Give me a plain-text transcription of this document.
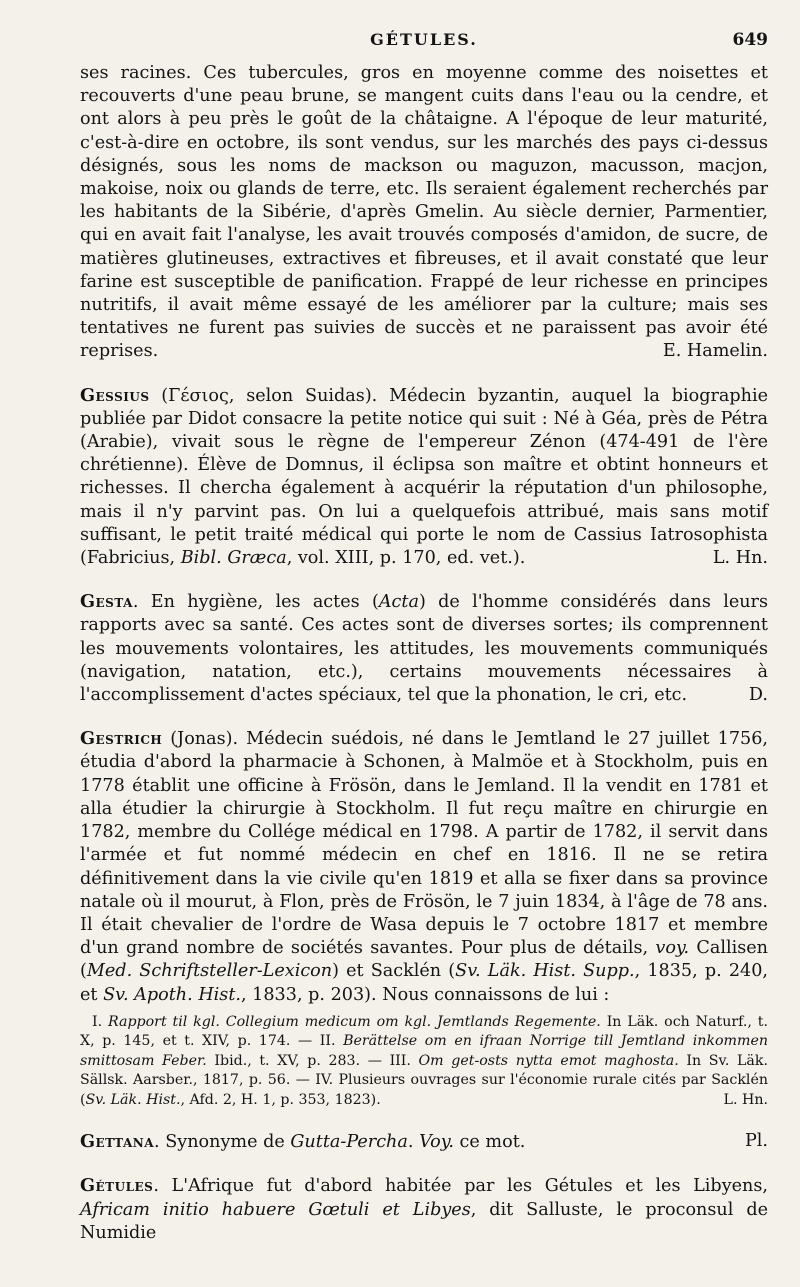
GÉTULES.	649

ses racines. Ces tubercules, gros en moyenne comme des noisettes et recouverts d'une peau brune, se mangent cuits dans l'eau ou la cendre, et ont alors à peu près le goût de la châtaigne. A l'époque de leur maturité, c'est-à-dire en octobre, ils sont vendus, sur les marchés des pays ci-dessus désignés, sous les noms de mackson ou maguzon, macusson, macjon, makoise, noix ou glands de terre, etc. Ils seraient également recherchés par les habitants de la Sibérie, d'après Gmelin. Au siècle dernier, Parmentier, qui en avait fait l'analyse, les avait trouvés composés d'amidon, de sucre, de matières glutineuses, extractives et fibreuses, et il avait constaté que leur farine est susceptible de panification. Frappé de leur richesse en principes nutritifs, il avait même essayé de les améliorer par la culture; mais ses tentatives ne furent pas suivies de succès et ne paraissent pas avoir été reprises.	E. Hamelin.

Gessius (Γέσιος, selon Suidas). Médecin byzantin, auquel la biographie publiée par Didot consacre la petite notice qui suit : Né à Géa, près de Pétra (Arabie), vivait sous le règne de l'empereur Zénon (474-491 de l'ère chrétienne). Élève de Domnus, il éclipsa son maître et obtint honneurs et richesses. Il chercha également à acquérir la réputation d'un philosophe, mais il n'y parvint pas. On lui a quelquefois attribué, mais sans motif suffisant, le petit traité médical qui porte le nom de Cassius Iatrosophista (Fabricius, Bibl. Græca, vol. XIII, p. 170, ed. vet.).	L. Hn.

Gesta. En hygiène, les actes (Acta) de l'homme considérés dans leurs rapports avec sa santé. Ces actes sont de diverses sortes; ils comprennent les mouvements volontaires, les attitudes, les mouvements communiqués (navigation, natation, etc.), certains mouvements nécessaires à l'accomplissement d'actes spéciaux, tel que la phonation, le cri, etc.	D.

Gestrich (Jonas). Médecin suédois, né dans le Jemtland le 27 juillet 1756, étudia d'abord la pharmacie à Schonen, à Malmöe et à Stockholm, puis en 1778 établit une officine à Frösön, dans le Jemland. Il la vendit en 1781 et alla étudier la chirurgie à Stockholm. Il fut reçu maître en chirurgie en 1782, membre du Collége médical en 1798. A partir de 1782, il servit dans l'armée et fut nommé médecin en chef en 1816. Il ne se retira définitivement dans la vie civile qu'en 1819 et alla se fixer dans sa province natale où il mourut, à Flon, près de Frösön, le 7 juin 1834, à l'âge de 78 ans. Il était chevalier de l'ordre de Wasa depuis le 7 octobre 1817 et membre d'un grand nombre de sociétés savantes. Pour plus de détails, voy. Callisen (Med. Schriftsteller-Lexicon) et Sacklén (Sv. Läk. Hist. Supp., 1835, p. 240, et Sv. Apoth. Hist., 1833, p. 203). Nous connaissons de lui :

I. Rapport til kgl. Collegium medicum om kgl. Jemtlands Regemente. In Läk. och Naturf., t. X, p. 145, et t. XIV, p. 174. — II. Berättelse om en ifraan Norrige till Jemtland inkommen smittosam Feber. Ibid., t. XV, p. 283. — III. Om get-osts nytta emot maghosta. In Sv. Läk. Sällsk. Aarsber., 1817, p. 56. — IV. Plusieurs ouvrages sur l'économie rurale cités par Sacklén (Sv. Läk. Hist., Afd. 2, H. 1, p. 353, 1823).	L. Hn.

Gettana. Synonyme de Gutta-Percha. Voy. ce mot.	Pl.

Gétules. L'Afrique fut d'abord habitée par les Gétules et les Libyens, Africam initio habuere Gœtuli et Libyes, dit Salluste, le proconsul de Numidie
